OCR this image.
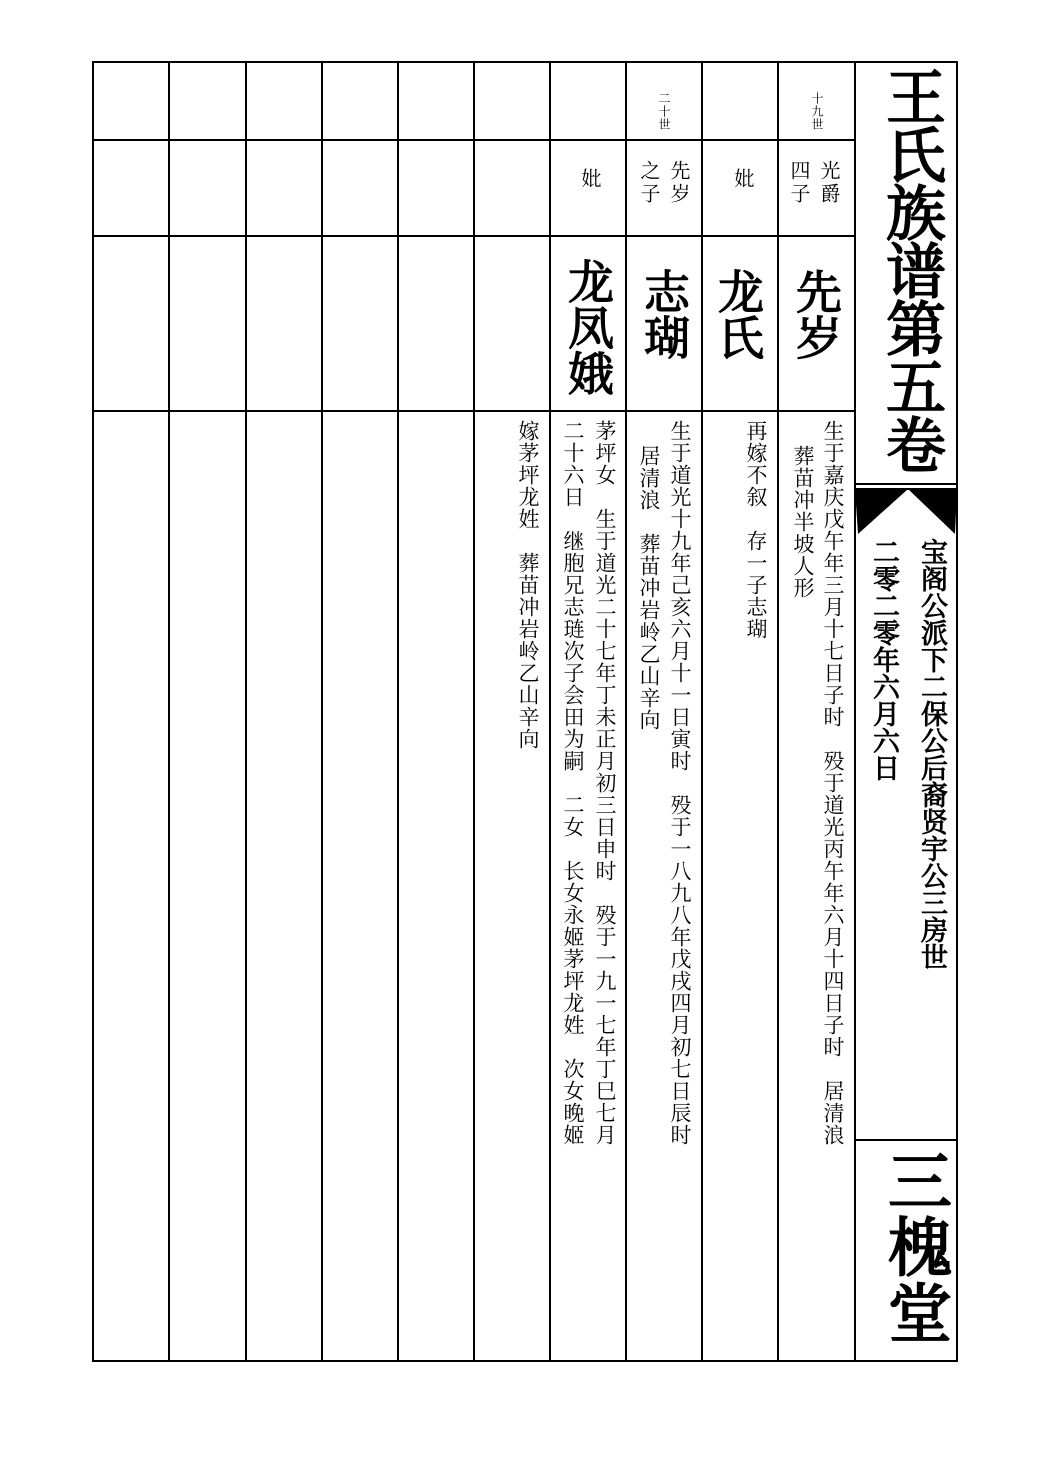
王氏族谱第五卷
宝阁公派下二保公后裔贤宇公三房世
二零二零年六月六日
三槐堂
十九世
光爵
四子
先岁
生于嘉庆戊午年三月十七日子时　殁于道光丙午年六月十四日子时　居清浪
葬苗冲半坡人形
妣
龙氏
再嫁不叙　存一子志瑚
二十世
先岁
之子
志瑚
生于道光十九年己亥六月十一日寅时　殁于一八九八年戊戌四月初七日辰时
居清浪　葬苗冲岩岭乙山辛向
妣
龙凤娥
茅坪女　生于道光二十七年丁未正月初三日申时　殁于一九一七年丁巳七月
二十六日　继胞兄志琏次子会田为嗣　二女　长女永姬茅坪龙姓　次女晚姬
嫁茅坪龙姓　葬苗冲岩岭乙山辛向
